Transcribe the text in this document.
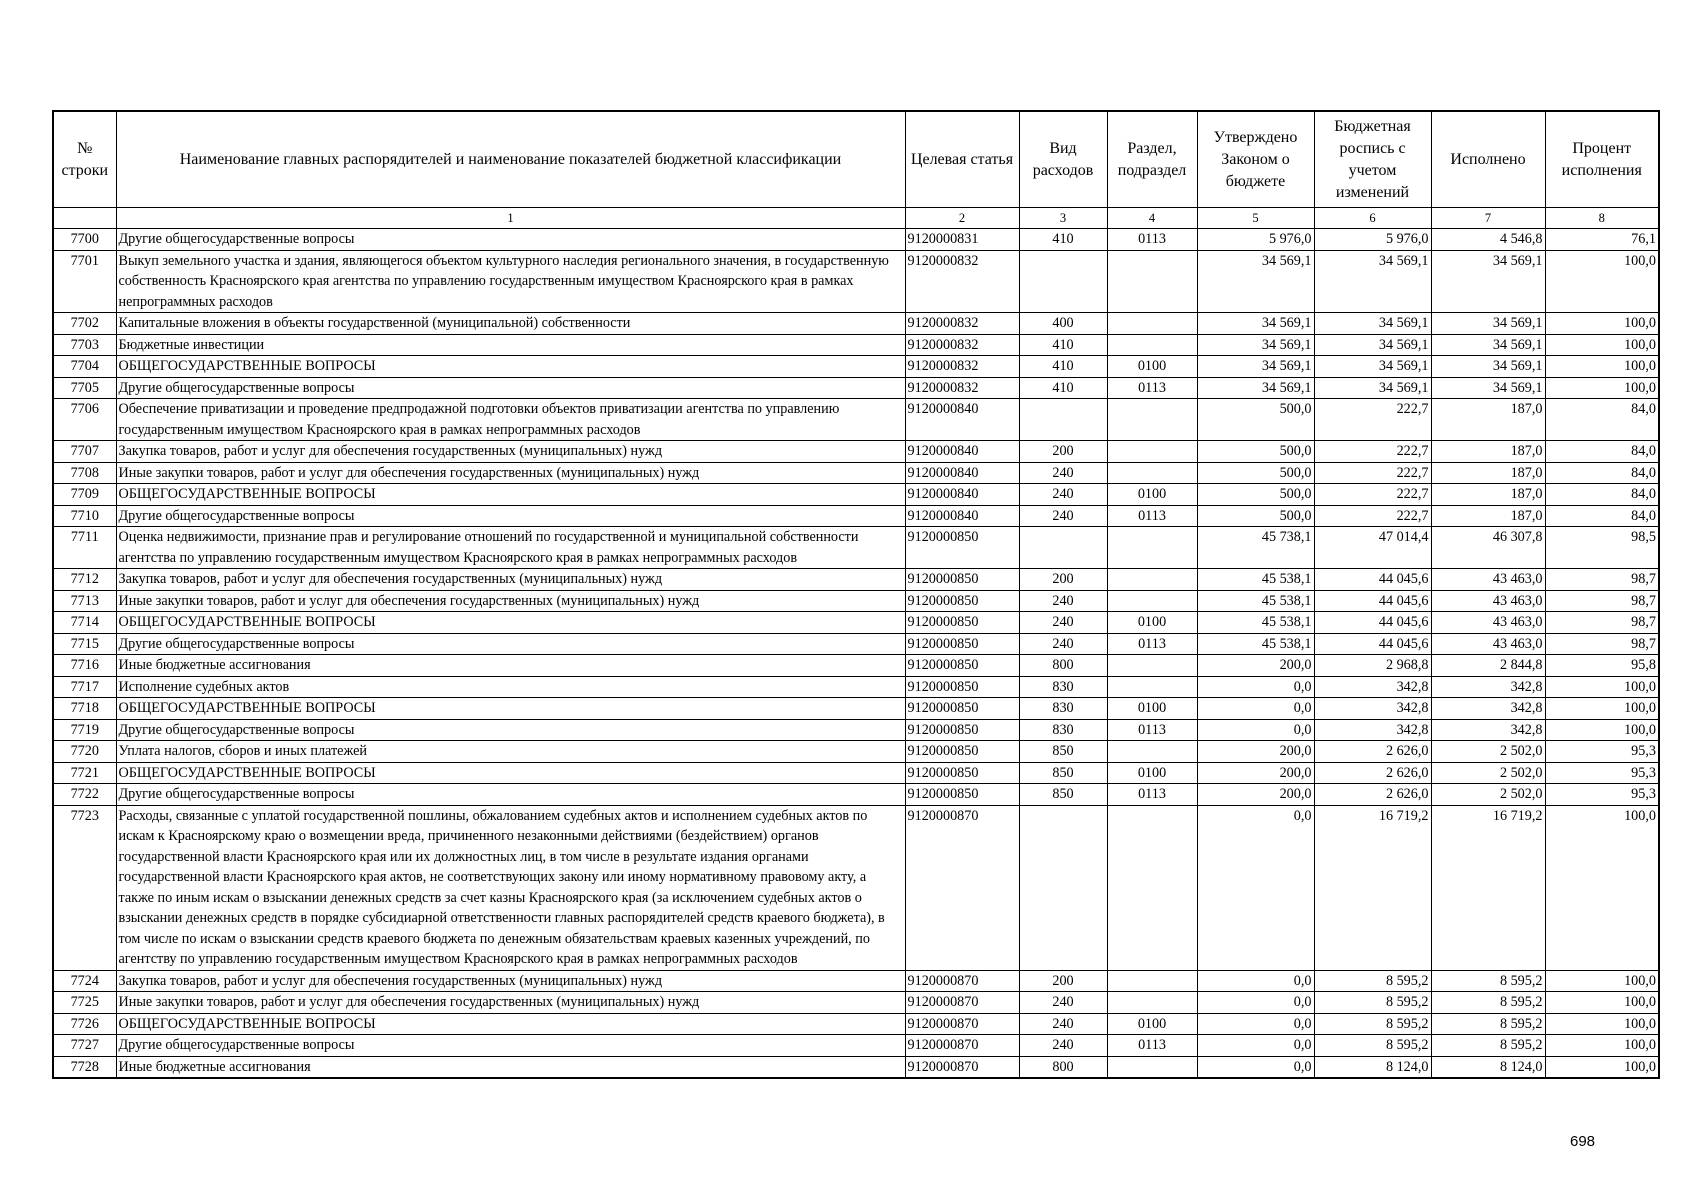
№ строки	Наименование главных распорядителей и наименование показателей бюджетной классификации	Целевая статья	Вид расходов	Раздел, подраздел	Утверждено Законом о бюджете	Бюджетная роспись с учетом изменений	Исполнено	Процент исполнения
	1	2	3	4	5	6	7	8
7700	Другие общегосударственные вопросы	9120000831	410	0113	5 976,0	5 976,0	4 546,8	76,1
7701	Выкуп земельного участка и здания, являющегося объектом культурного наследия регионального значения, в государственную собственность Красноярского края агентства по управлению государственным имуществом Красноярского края в рамках непрограммных расходов	9120000832			34 569,1	34 569,1	34 569,1	100,0
7702	Капитальные вложения в объекты государственной (муниципальной) собственности	9120000832	400		34 569,1	34 569,1	34 569,1	100,0
7703	Бюджетные инвестиции	9120000832	410		34 569,1	34 569,1	34 569,1	100,0
7704	ОБЩЕГОСУДАРСТВЕННЫЕ ВОПРОСЫ	9120000832	410	0100	34 569,1	34 569,1	34 569,1	100,0
7705	Другие общегосударственные вопросы	9120000832	410	0113	34 569,1	34 569,1	34 569,1	100,0
7706	Обеспечение приватизации и проведение предпродажной подготовки объектов приватизации агентства по управлению государственным имуществом Красноярского края в рамках непрограммных расходов	9120000840			500,0	222,7	187,0	84,0
7707	Закупка товаров, работ и услуг для обеспечения государственных (муниципальных) нужд	9120000840	200		500,0	222,7	187,0	84,0
7708	Иные закупки товаров, работ и услуг для обеспечения государственных (муниципальных) нужд	9120000840	240		500,0	222,7	187,0	84,0
7709	ОБЩЕГОСУДАРСТВЕННЫЕ ВОПРОСЫ	9120000840	240	0100	500,0	222,7	187,0	84,0
7710	Другие общегосударственные вопросы	9120000840	240	0113	500,0	222,7	187,0	84,0
7711	Оценка недвижимости, признание прав и регулирование отношений по государственной и муниципальной собственности агентства по управлению государственным имуществом Красноярского края в рамках непрограммных расходов	9120000850			45 738,1	47 014,4	46 307,8	98,5
7712	Закупка товаров, работ и услуг для обеспечения государственных (муниципальных) нужд	9120000850	200		45 538,1	44 045,6	43 463,0	98,7
7713	Иные закупки товаров, работ и услуг для обеспечения государственных (муниципальных) нужд	9120000850	240		45 538,1	44 045,6	43 463,0	98,7
7714	ОБЩЕГОСУДАРСТВЕННЫЕ ВОПРОСЫ	9120000850	240	0100	45 538,1	44 045,6	43 463,0	98,7
7715	Другие общегосударственные вопросы	9120000850	240	0113	45 538,1	44 045,6	43 463,0	98,7
7716	Иные бюджетные ассигнования	9120000850	800		200,0	2 968,8	2 844,8	95,8
7717	Исполнение судебных актов	9120000850	830		0,0	342,8	342,8	100,0
7718	ОБЩЕГОСУДАРСТВЕННЫЕ ВОПРОСЫ	9120000850	830	0100	0,0	342,8	342,8	100,0
7719	Другие общегосударственные вопросы	9120000850	830	0113	0,0	342,8	342,8	100,0
7720	Уплата налогов, сборов и иных платежей	9120000850	850		200,0	2 626,0	2 502,0	95,3
7721	ОБЩЕГОСУДАРСТВЕННЫЕ ВОПРОСЫ	9120000850	850	0100	200,0	2 626,0	2 502,0	95,3
7722	Другие общегосударственные вопросы	9120000850	850	0113	200,0	2 626,0	2 502,0	95,3
7723	Расходы, связанные с уплатой государственной пошлины, обжалованием судебных актов и исполнением судебных актов по искам к Красноярскому краю о возмещении вреда, причиненного незаконными действиями (бездействием) органов государственной власти Красноярского края или их должностных лиц, в том числе в результате издания органами государственной власти Красноярского края актов, не соответствующих закону или иному нормативному правовому акту, а также по иным искам о взыскании денежных средств за счет казны Красноярского края (за исключением судебных актов о взыскании денежных средств в порядке субсидиарной ответственности главных распорядителей средств краевого бюджета), в том числе по искам о взыскании средств краевого бюджета по денежным обязательствам краевых казенных учреждений, по агентству по управлению государственным имуществом Красноярского края в рамках непрограммных расходов	9120000870			0,0	16 719,2	16 719,2	100,0
7724	Закупка товаров, работ и услуг для обеспечения государственных (муниципальных) нужд	9120000870	200		0,0	8 595,2	8 595,2	100,0
7725	Иные закупки товаров, работ и услуг для обеспечения государственных (муниципальных) нужд	9120000870	240		0,0	8 595,2	8 595,2	100,0
7726	ОБЩЕГОСУДАРСТВЕННЫЕ ВОПРОСЫ	9120000870	240	0100	0,0	8 595,2	8 595,2	100,0
7727	Другие общегосударственные вопросы	9120000870	240	0113	0,0	8 595,2	8 595,2	100,0
7728	Иные бюджетные ассигнования	9120000870	800		0,0	8 124,0	8 124,0	100,0
698
